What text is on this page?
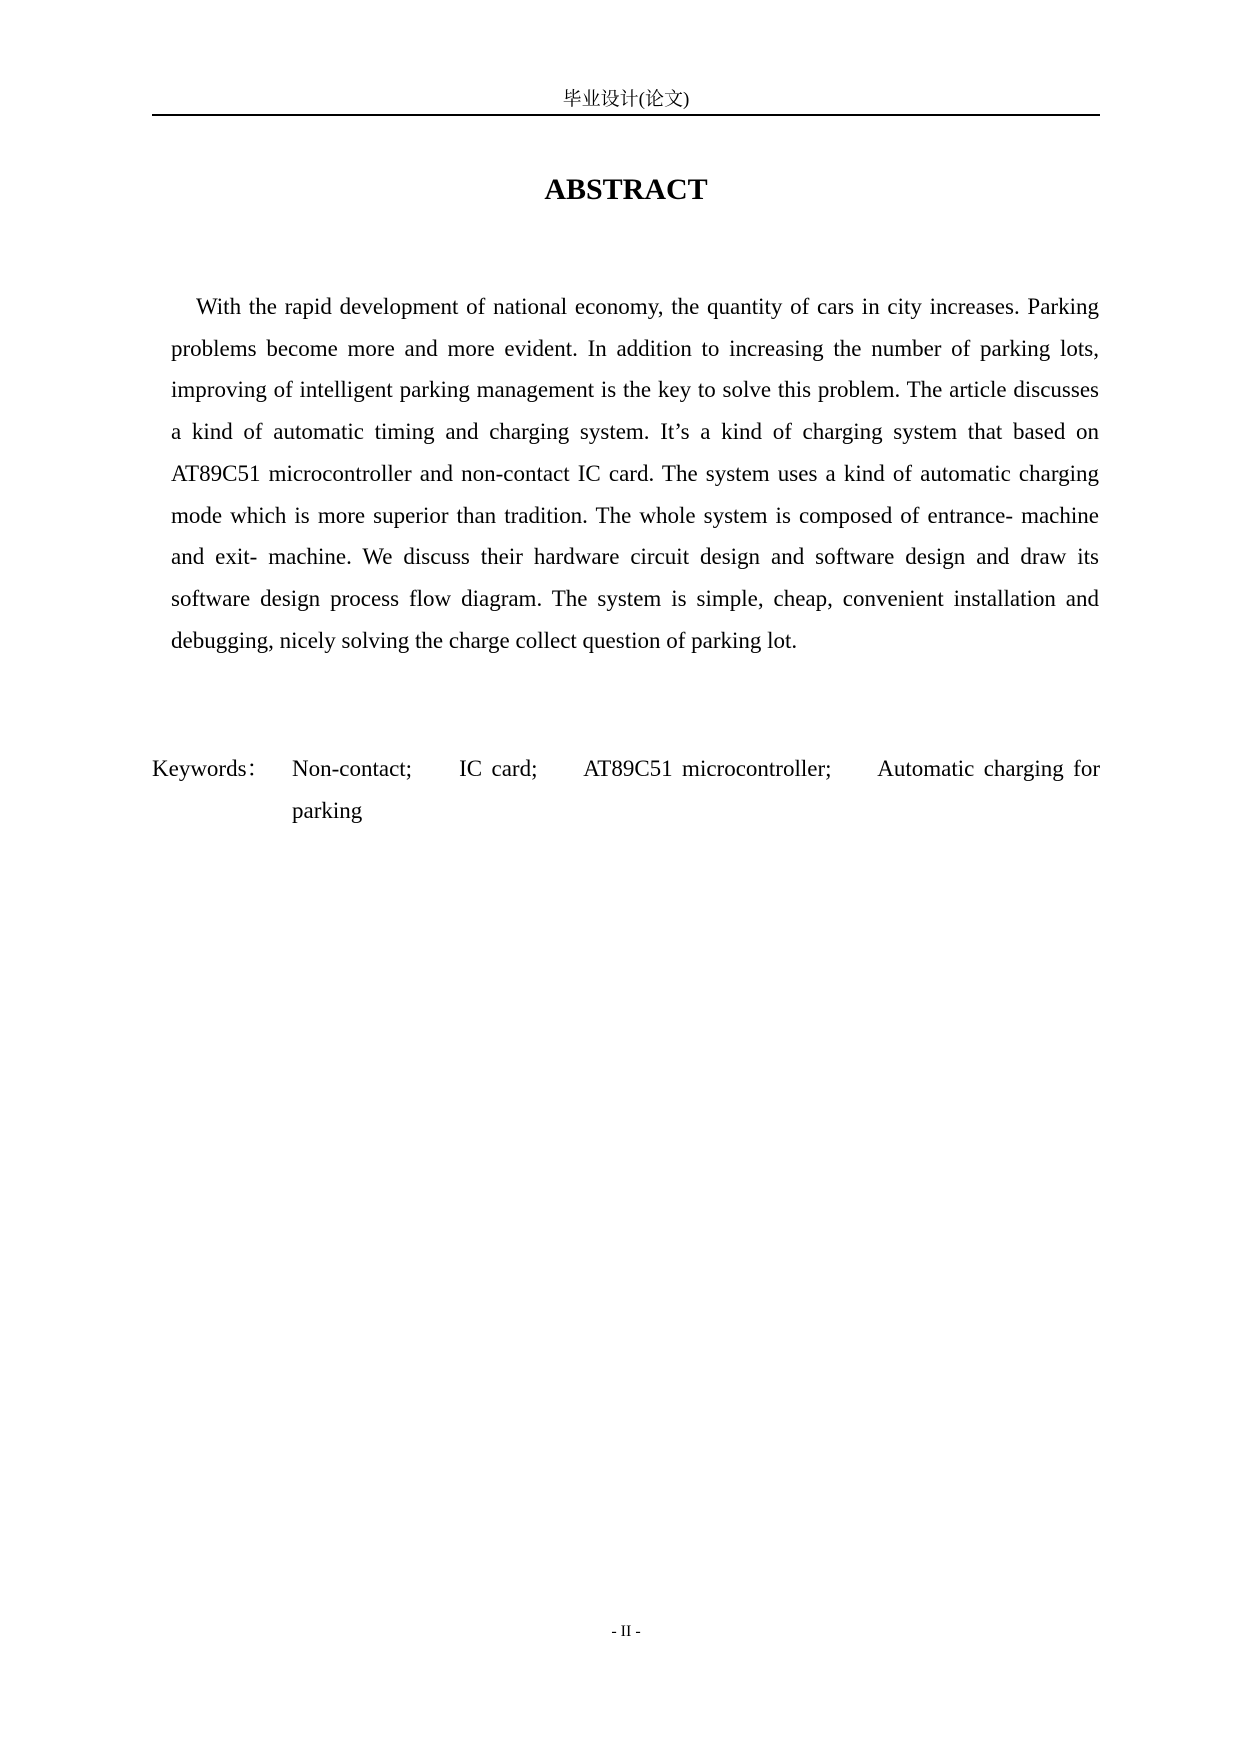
毕业设计(论文)
ABSTRACT

With the rapid development of national economy, the quantity of cars in city increases. Parking problems become more and more evident. In addition to increasing the number of parking lots, improving of intelligent parking management is the key to solve this problem. The article discusses a kind of automatic timing and charging system. It’s a kind of charging system that based on AT89C51 microcontroller and non-contact IC card. The system uses a kind of automatic charging mode which is more superior than tradition. The whole system is composed of entrance- machine and exit- machine. We discuss their hardware circuit design and software design and draw its software design process flow diagram. The system is simple, cheap, convenient installation and debugging, nicely solving the charge collect question of parking lot.

Keywords： Non-contact; IC card; AT89C51 microcontroller; Automatic charging for parking
- II -
